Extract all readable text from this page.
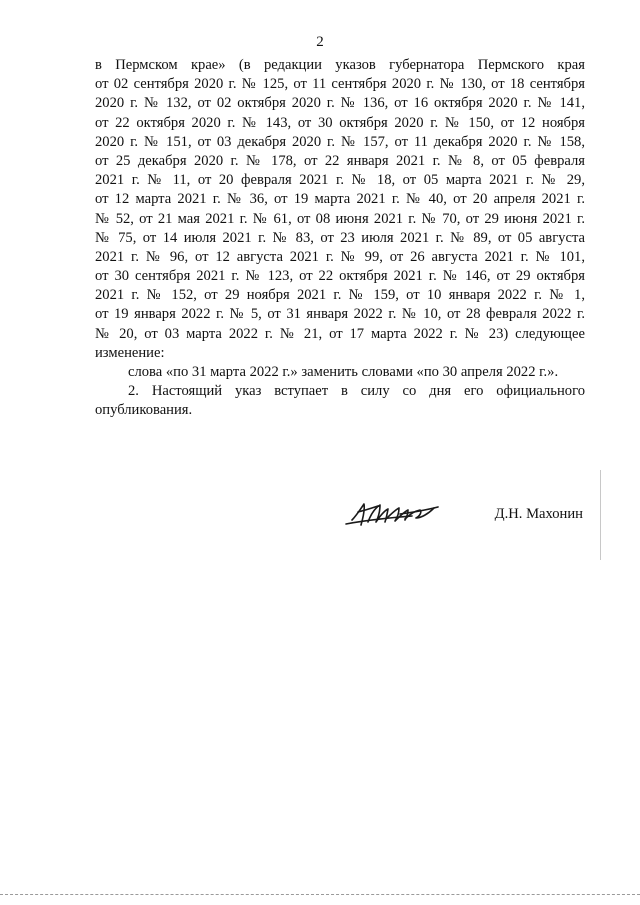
2
в Пермском крае» (в редакции указов губернатора Пермского края
от 02 сентября 2020 г. № 125, от 11 сентября 2020 г. № 130, от 18 сентября
2020 г. № 132, от 02 октября 2020 г. № 136, от 16 октября 2020 г. № 141,
от 22 октября 2020 г. № 143, от 30 октября 2020 г. № 150, от 12 ноября
2020 г. № 151, от 03 декабря 2020 г. № 157, от 11 декабря 2020 г. № 158,
от 25 декабря 2020 г. № 178, от 22 января 2021 г. № 8, от 05 февраля
2021 г. № 11, от 20 февраля 2021 г. № 18, от 05 марта 2021 г. № 29,
от 12 марта 2021 г. № 36, от 19 марта 2021 г. № 40, от 20 апреля 2021 г.
№ 52, от 21 мая 2021 г. № 61, от 08 июня 2021 г. № 70, от 29 июня 2021 г.
№ 75, от 14 июля 2021 г. № 83, от 23 июля 2021 г. № 89, от 05 августа
2021 г. № 96, от 12 августа 2021 г. № 99, от 26 августа 2021 г. № 101,
от 30 сентября 2021 г. № 123, от 22 октября 2021 г. № 146, от 29 октября
2021 г. № 152, от 29 ноября 2021 г. № 159, от 10 января 2022 г. № 1,
от 19 января 2022 г. № 5, от 31 января 2022 г. № 10, от 28 февраля 2022 г.
№ 20, от 03 марта 2022 г. № 21, от 17 марта 2022 г. № 23) следующее
изменение:
слова «по 31 марта 2022 г.» заменить словами «по 30 апреля 2022 г.».
2. Настоящий указ вступает в силу со дня его официального
опубликования.
Д.Н. Махонин
